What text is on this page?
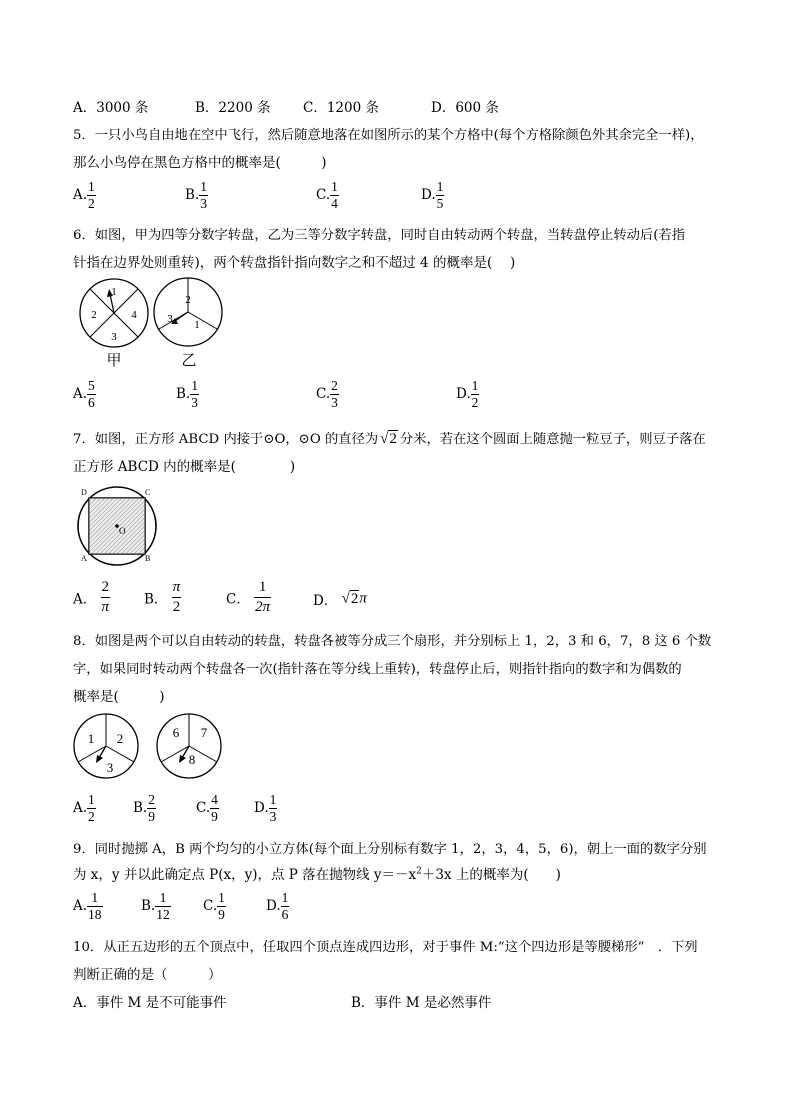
A．3000 条	B．2200 条 C．1200 条	D．600 条
5．一只小鸟自由地在空中飞行，然后随意地落在如图所示的某个方格中(每个方格除颜色外其余完全一样)，
那么小鸟停在黑色方格中的概率是(　　　)
A. $\frac{1}{2}$	B. $\frac{1}{3}$	C. $\frac{1}{4}$	D. $\frac{1}{5}$
6．如图，甲为四等分数字转盘，乙为三等分数字转盘，同时自由转动两个转盘，当转盘停止转动后(若指
针指在边界处则重转)，两个转盘指针指向数字之和不超过 4 的概率是(　 )
1
2
3
4
甲
2
3 1
乙
A. $\frac{5}{6}$	B. $\frac{1}{3}$	C. $\frac{2}{3}$	D. $\frac{1}{2}$
7．如图，正方形 ABCD 内接于⊙O，⊙O 的直径为 √2 分米，若在这个圆面上随意抛一粒豆子，则豆子落在
正方形 ABCD 内的概率是(　　　　)
O
D	C
A	B
A． $\frac{2}{\pi}$	B． $\frac{\pi}{2}$	C． $\frac{1}{2\pi}$	D． √2π
8．如图是两个可以自由转动的转盘，转盘各被等分成三个扇形，并分别标上 1，2，3 和 6，7，8 这 6 个数
字，如果同时转动两个转盘各一次(指针落在等分线上重转)，转盘停止后，则指针指向的数字和为偶数的
概率是(　　　)
1 2
3
6 7
8
A. $\frac{1}{2}$	B. $\frac{2}{9}$	C. $\frac{4}{9}$	D. $\frac{1}{3}$
9．同时抛掷 A，B 两个均匀的小立方体(每个面上分别标有数字 1，2，3，4，5，6)，朝上一面的数字分别
为 x，y 并以此确定点 P(x，y)，点 P 落在抛物线 $y=-x^2+3x$ 上的概率为(　　)
A. $\frac{1}{18}$	B. $\frac{1}{12} C$. $\frac{1}{9}$	D. $\frac{1}{6}$
10．从正五边形的五个顶点中，任取四个顶点连成四边形，对于事件 M:“这个四边形是等腰梯形”　．下列
判断正确的是（　　　）
A．事件 M 是不可能事件	B．事件 M 是必然事件
